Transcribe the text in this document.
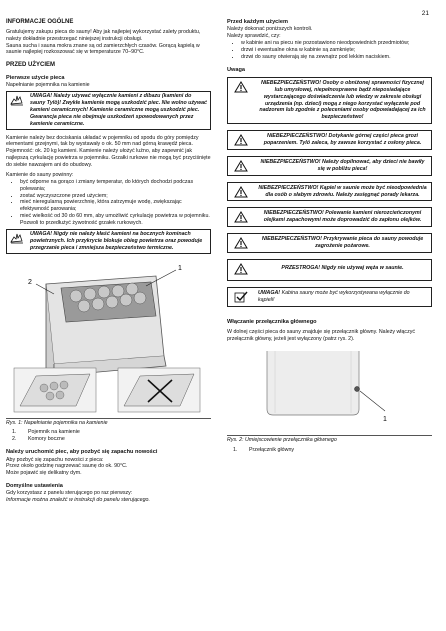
21
INFORMACJE OGÓLNE

Gratulujemy zakupu pieca do sauny! Aby jak najlepiej wykorzystać zalety produktu, należy dokładnie przestrzegać niniejszej instrukcji obsługi.

Sauna sucha i sauna mokra znane są od zamierzchłych czasów. Gorącą kąpielą w saunie najlepiej rozkoszować się w temperaturze 70–90°C.

PRZED UŻYCIEM
Pierwsze użycie pieca

Napełnianie pojemnika na kamienie

UWAGA! Należy używać wyłącznie kamieni z dibazu (kamieni do sauny Tylö)! Zwykłe kamienie mogą uszkodzić piec. Nie wolno używać kamieni ceramicznych! Kamienie ceramiczne mogą uszkodzić piec. Gwarancja pieca nie obejmuje uszkodzeń spowodowanych przez kamienie ceramiczne.

Kamienie należy bez dociskania układać w pojemniku od spodu do góry pomiędzy elementami grzejnymi, tak by wystawały o ok. 50 mm nad górną krawędź pieca. Pojemność: ok. 20 kg kamieni. Kamienie należy ułożyć luźno, aby zapewnić jak najlepszą cyrkulację powietrza w pojemniku. Grzałki rurkowe nie mogą być przyciśnięte do siebie nawzajem ani do obudowy.

Kamienie do sauny powinny:

• być odporne na gorąco i zmiany temperatur, do których dochodzi podczas polewania;
• zostać wyczyszczone przed użyciem;
• mieć nieregularną powierzchnię, która zatrzymuje wodę, zwiększając efektywność parowania;
• mieć wielkość od 30 do 60 mm, aby umożliwić cyrkulację powietrza w pojemniku. Pozwoli to przedłużyć żywotność grzałek rurkowych.
UWAGA! Nigdy nie należy kłaść kamieni na bocznych kominach powietrznych. Ich przykrycie blokuje obieg powietrza oraz powoduje przegrzanie pieca i zmniejsza bezpieczeństwo termiczne.
1
2
Rys. 1: Napełnianie pojemnika na kamienie
1.	Pojemnik na kamienie
2.	Komory boczne
Należy uruchomić piec, aby pozbyć się zapachu nowości

Aby pozbyć się zapachu nowości z pieca:

Przez około godzinę nagrzewać saunę do ok. 90°C.

Może pojawić się delikatny dym.

Domyślne ustawienia

Gdy korzystasz z panelu sterującego po raz pierwszy:

Informacje można znaleźć w instrukcji do panelu sterującego.

Przed każdym użyciem

Należy dokonać poniższych kontroli.

Należy sprawdzić, czy:

• w kabinie ani na piecu nie pozostawiono nieodpowiednich przedmiotów;
• drzwi i ewentualne okna w kabinie są zamknięte;
• drzwi do sauny otwierają się na zewnątrz pod lekkim naciskiem.
Uwaga
NIEBEZPIECZEŃSTWO! Osoby o obniżonej sprawności fizycznej lub umysłowej, niepełnosprawne bądź nieposiadające wystarczającego doświadczenia lub wiedzy w zakresie obsługi urządzenia (np. dzieci) mogą z niego korzystać wyłącznie pod nadzorem lub zgodnie z poleceniami osoby odpowiadającej za ich bezpieczeństwo!
NIEBEZPIECZEŃSTWO! Dotykanie górnej części pieca grozi poparzeniem. Tylö zaleca, by zawsze korzystać z osłony pieca.
NIEBEZPIECZEŃSTWO! Należy dopilnować, aby dzieci nie bawiły się w pobliżu pieca!
NIEBEZPIECZEŃSTWO! Kąpiel w saunie może być nieodpowiednia dla osób o słabym zdrowiu. Należy zasięgnąć porady lekarza.
NIEBEZPIECZEŃSTWO! Polewanie kamieni nierozcieńczonymi olejkami zapachowymi może doprowadzić do zapłonu olejków.
NIEBEZPIECZEŃSTWO! Przykrywanie pieca do sauny powoduje zagrożenie pożarowe.
PRZESTROGA! Nigdy nie używaj węża w saunie.
UWAGA! Kabina sauny może być wykorzystywana wyłącznie do kąpieli!
Włączanie przełącznika głównego

W dolnej części pieca do sauny znajduje się przełącznik główny. Należy włączyć przełącznik główny, jeżeli jest wyłączony (patrz rys. 2).

1
Rys. 2: Umiejscowienie przełącznika głównego
1.	Przełącznik główny
